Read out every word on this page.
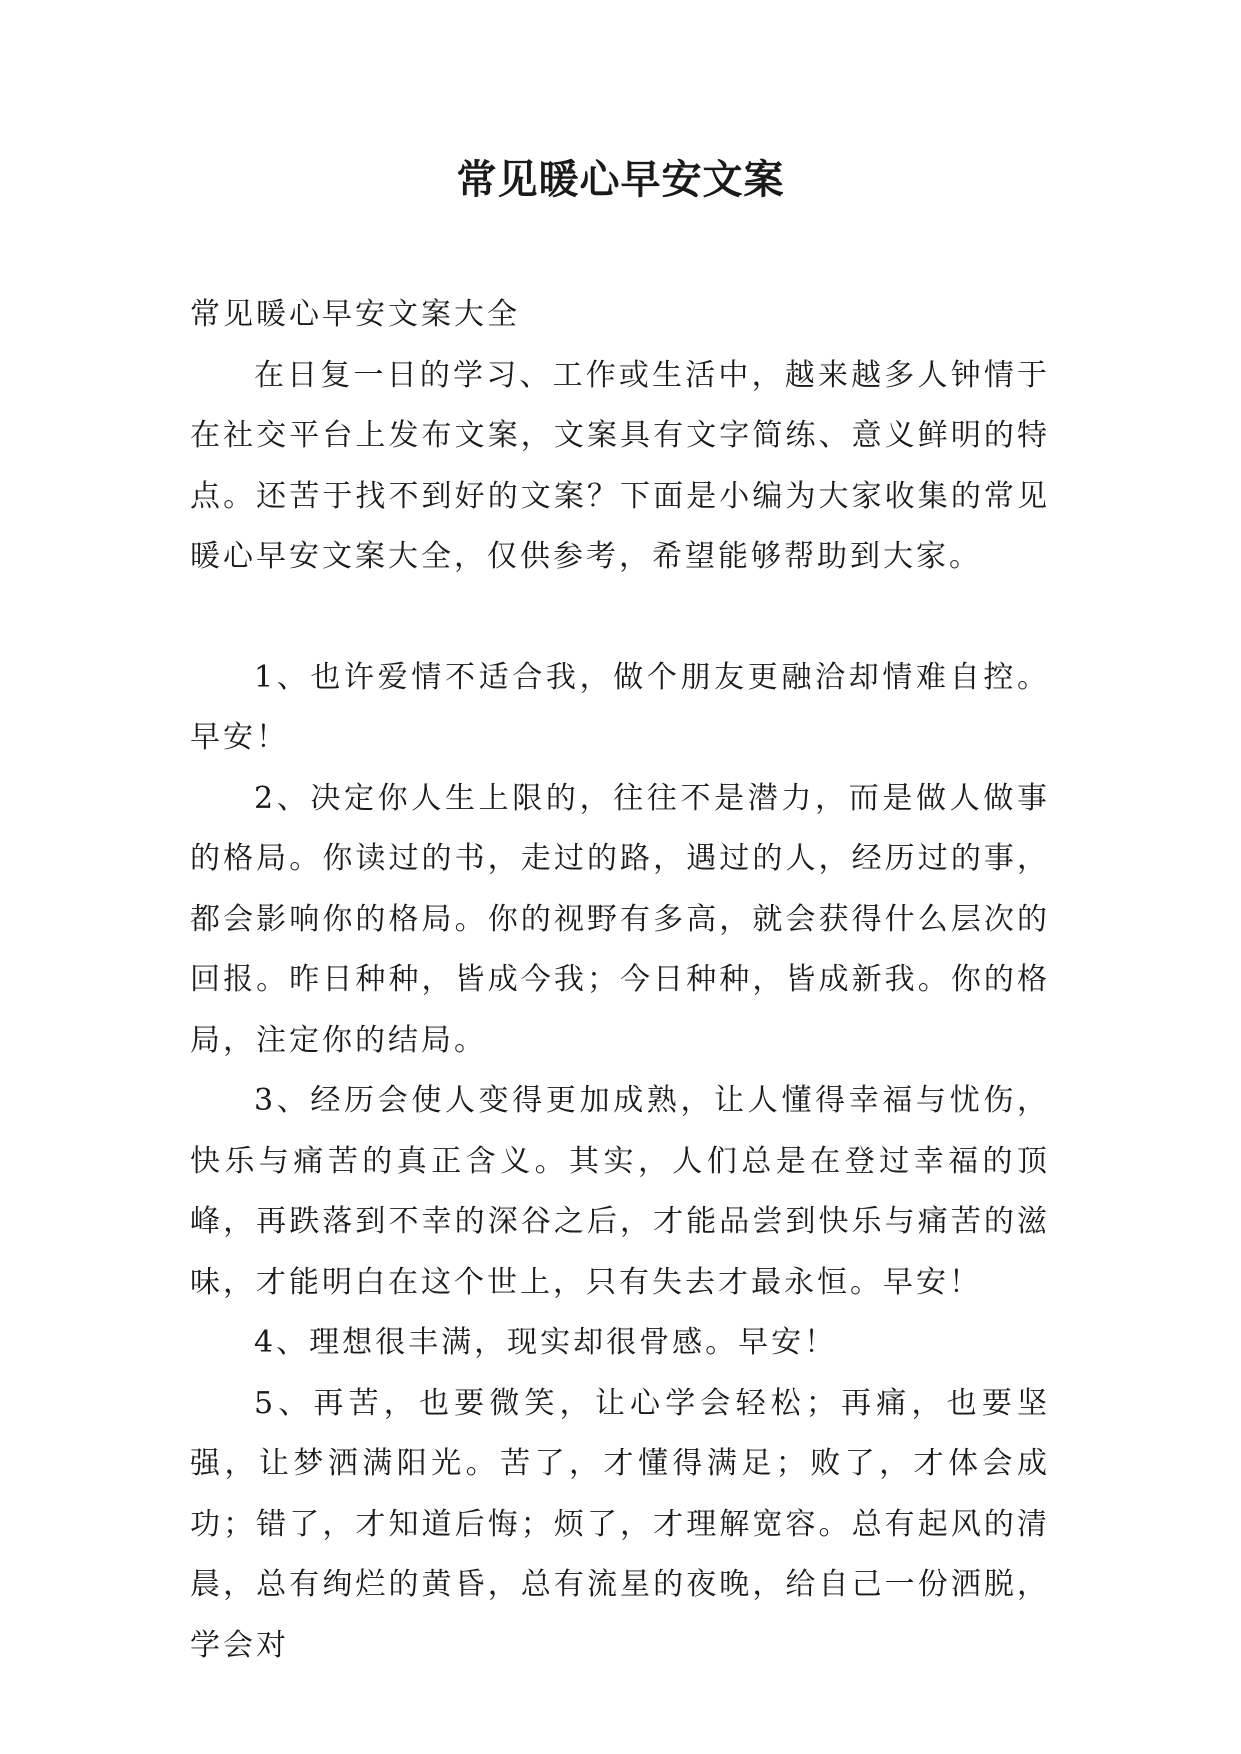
常见暖心早安文案

常见暖心早安文案大全

在日复一日的学习、工作或生活中，越来越多人钟情于在社交平台上发布文案，文案具有文字简练、意义鲜明的特点。还苦于找不到好的文案？下面是小编为大家收集的常见暖心早安文案大全，仅供参考，希望能够帮助到大家。

1、也许爱情不适合我，做个朋友更融洽却情难自控。早安！

2、决定你人生上限的，往往不是潜力，而是做人做事的格局。你读过的书，走过的路，遇过的人，经历过的事，都会影响你的格局。你的视野有多高，就会获得什么层次的回报。昨日种种，皆成今我；今日种种，皆成新我。你的格局，注定你的结局。

3、经历会使人变得更加成熟，让人懂得幸福与忧伤，快乐与痛苦的真正含义。其实，人们总是在登过幸福的顶峰，再跌落到不幸的深谷之后，才能品尝到快乐与痛苦的滋味，才能明白在这个世上，只有失去才最永恒。早安！

4、理想很丰满，现实却很骨感。早安！

5、再苦，也要微笑，让心学会轻松；再痛，也要坚强，让梦洒满阳光。苦了，才懂得满足；败了，才体会成功；错了，才知道后悔；烦了，才理解宽容。总有起风的清晨，总有绚烂的黄昏，总有流星的夜晚，给自己一份洒脱，学会对
